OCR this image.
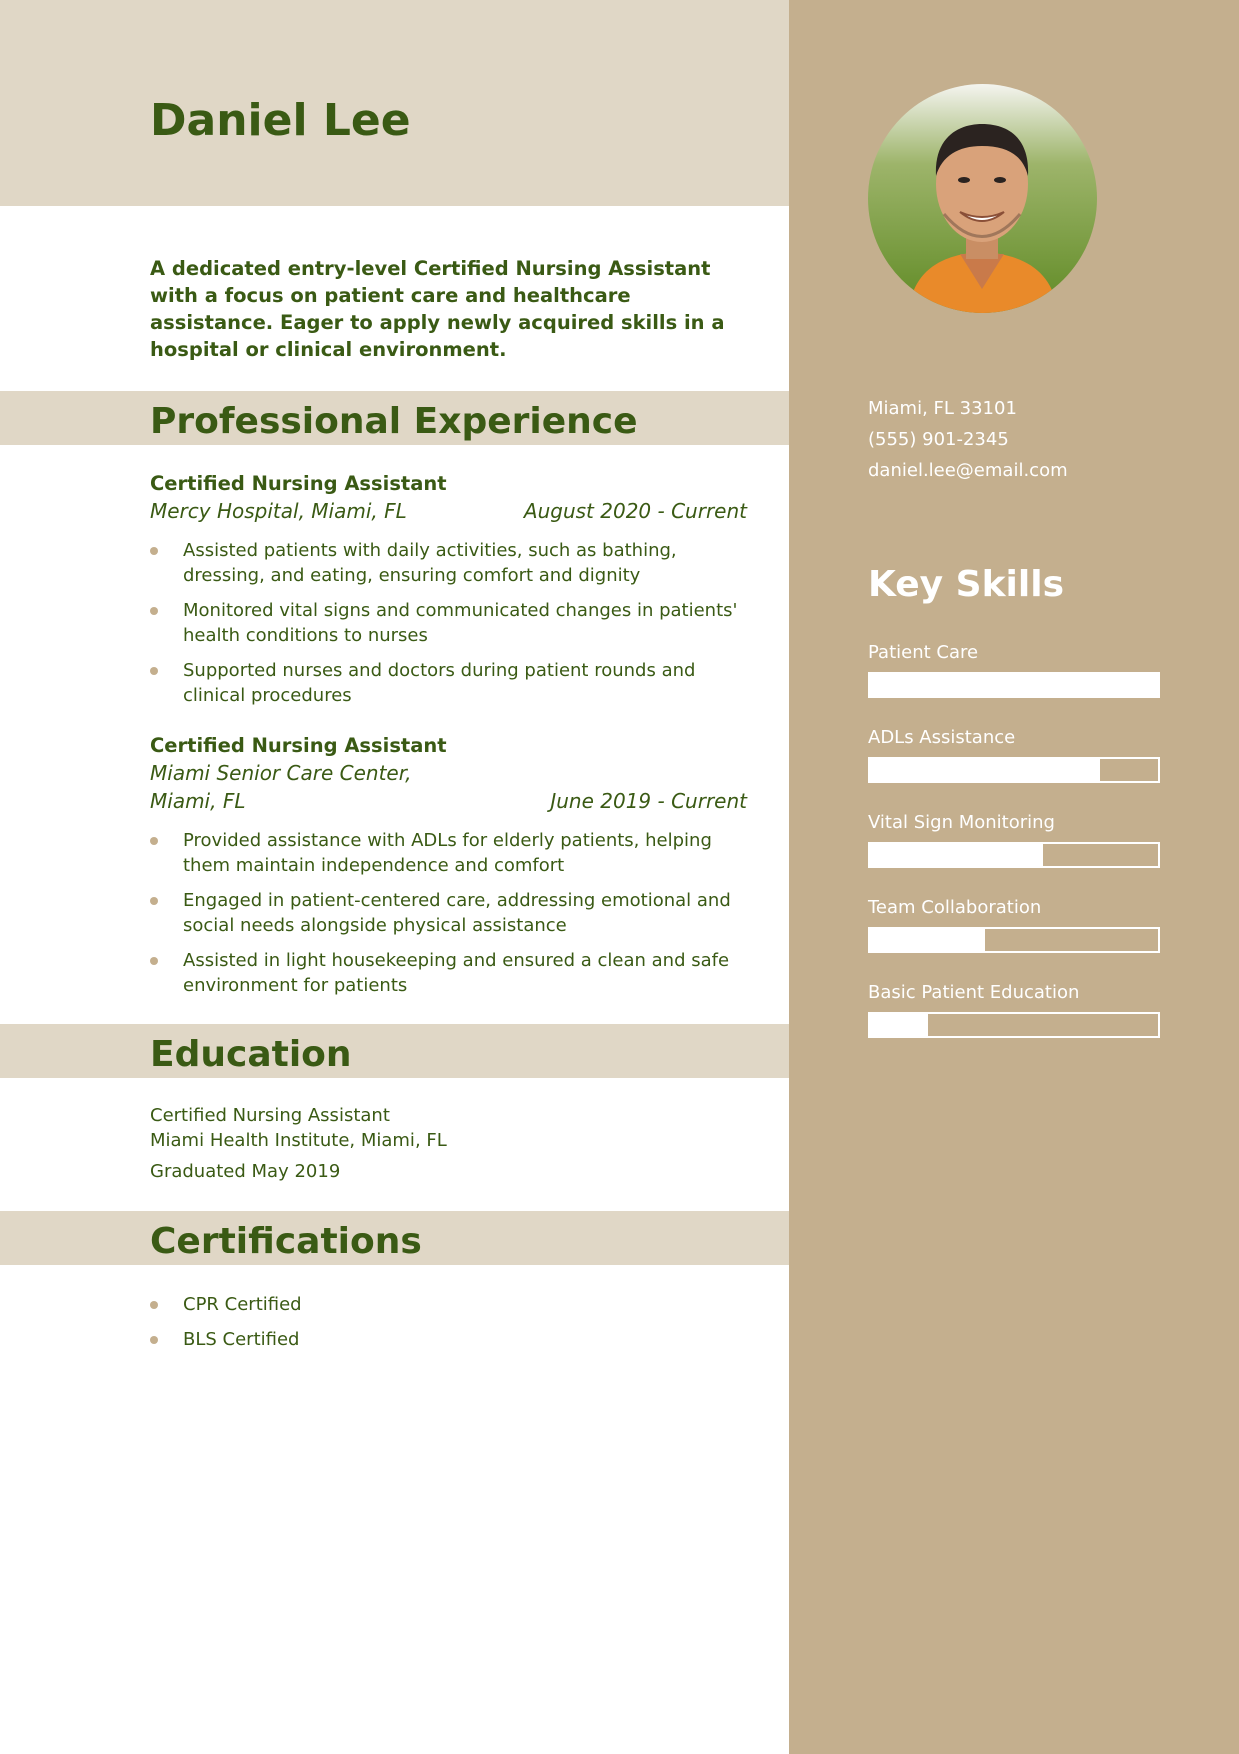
Daniel Lee

A dedicated entry-level Certified Nursing Assistant with a focus on patient care and healthcare assistance. Eager to apply newly acquired skills in a hospital or clinical environment.

Professional Experience
Certified Nursing Assistant
Mercy Hospital, Miami, FL	August 2020 - Current
Assisted patients with daily activities, such as bathing, dressing, and eating, ensuring comfort and dignity
Monitored vital signs and communicated changes in patients' health conditions to nurses
Supported nurses and doctors during patient rounds and clinical procedures
Certified Nursing Assistant
Miami Senior Care Center,
Miami, FL	June 2019 - Current
Provided assistance with ADLs for elderly patients, helping them maintain independence and comfort
Engaged in patient-centered care, addressing emotional and social needs alongside physical assistance
Assisted in light housekeeping and ensured a clean and safe environment for patients
Education
Certified Nursing Assistant
Miami Health Institute, Miami, FL
Graduated May 2019
Certifications
CPR Certified
BLS Certified
Miami, FL 33101
(555) 901-2345
daniel.lee@email.com
Key Skills
Patient Care
ADLs Assistance
Vital Sign Monitoring
Team Collaboration
Basic Patient Education
